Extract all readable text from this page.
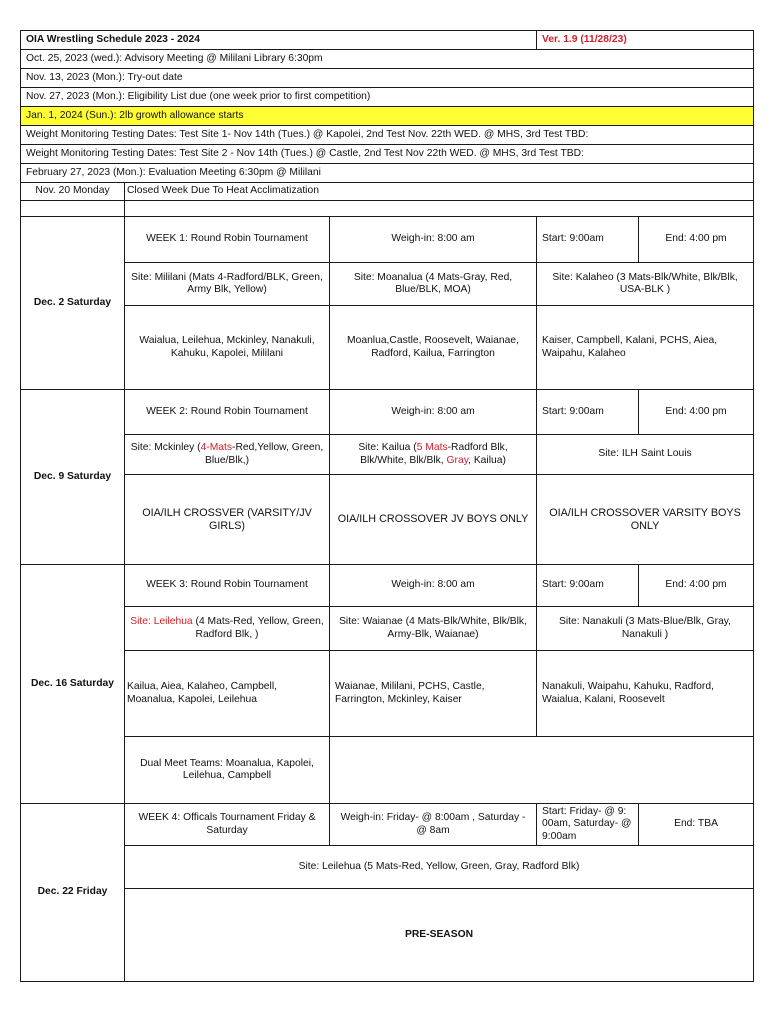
OIA Wrestling Schedule 2023 - 2024			Ver. 1.9 (11/28/23)	
Oct. 25, 2023 (wed.): Advisory Meeting @ Mililani Library 6:30pm				
Nov. 13, 2023 (Mon.): Try-out date				
Nov. 27, 2023 (Mon.): Eligibility List due (one week prior to first competition)				
Jan. 1, 2024 (Sun.): 2lb growth allowance starts				
Weight Monitoring Testing Dates: Test Site 1- Nov 14th (Tues.) @ Kapolei, 2nd Test Nov. 22th WED. @ MHS, 3rd Test TBD:				
Weight Monitoring Testing Dates: Test Site 2 - Nov 14th (Tues.) @ Castle, 2nd Test Nov 22th WED. @ MHS, 3rd Test TBD:				
February 27, 2023 (Mon.): Evaluation Meeting 6:30pm @ Mililani				
Nov. 20 Monday	Closed Week Due To Heat Acclimatization			

Dec. 2 Saturday	WEEK 1: Round Robin Tournament	Weigh-in: 8:00 am	Start: 9:00am	End: 4:00 pm
	Site: Mililani (Mats 4-Radford/BLK, Green, Army Blk, Yellow)	Site: Moanalua (4 Mats-Gray, Red, Blue/BLK, MOA)	Site: Kalaheo (3 Mats-Blk/White, Blk/Blk, USA-BLK )	
	Waialua, Leilehua, Mckinley, Nanakuli, Kahuku, Kapolei, Mililani	Moanlua,Castle, Roosevelt, Waianae, Radford, Kailua, Farrington	Kaiser, Campbell, Kalani, PCHS, Aiea, Waipahu, Kalaheo	
Dec. 9 Saturday	WEEK 2: Round Robin Tournament	Weigh-in: 8:00 am	Start: 9:00am	End: 4:00 pm
	Site: Mckinley (4-Mats-Red,Yellow, Green, Blue/Blk,)	Site: Kailua (5 Mats-Radford Blk, Blk/White, Blk/Blk, Gray, Kailua)	Site: ILH Saint Louis	
	OIA/ILH CROSSVER (VARSITY/JV GIRLS)	OIA/ILH CROSSOVER JV BOYS ONLY	OIA/ILH CROSSOVER VARSITY BOYS ONLY	
Dec. 16 Saturday	WEEK 3: Round Robin Tournament	Weigh-in: 8:00 am	Start: 9:00am	End: 4:00 pm
	Site: Leilehua (4 Mats-Red, Yellow, Green, Radford Blk, )	Site: Waianae (4 Mats-Blk/White, Blk/Blk, Army-Blk, Waianae)	Site: Nanakuli (3 Mats-Blue/Blk, Gray, Nanakuli )	
	Kailua, Aiea, Kalaheo, Campbell, Moanalua, Kapolei, Leilehua	Waianae, Mililani, PCHS, Castle, Farrington, Mckinley, Kaiser	Nanakuli, Waipahu, Kahuku, Radford, Waialua, Kalani, Roosevelt	
	Dual Meet Teams: Moanalua, Kapolei, Leilehua, Campbell			
Dec. 22 Friday	WEEK 4: Officals Tournament Friday & Saturday	Weigh-in: Friday- @ 8:00am , Saturday - @ 8am	Start: Friday- @ 9: 00am, Saturday- @ 9:00am	End: TBA
	Site: Leilehua (5 Mats-Red, Yellow, Green, Gray, Radford Blk)			
	PRE-SEASON			
